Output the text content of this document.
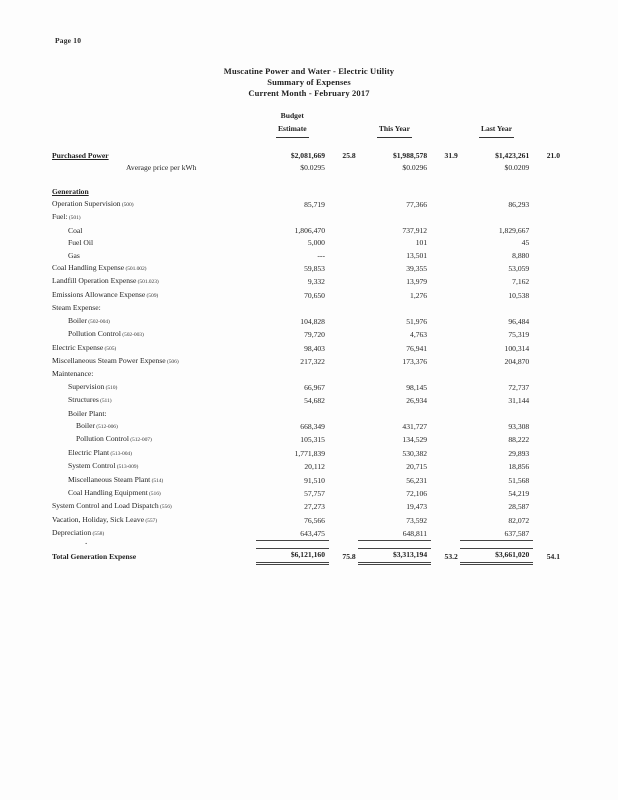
Page 10
Muscatine Power and Water - Electric Utility
Summary of Expenses
Current Month - February 2017
	Budget					
	Estimate		This Year		Last Year	

Purchased Power	$2,081,669	25.8	$1,988,578	31.9	$1,423,261	21.0
Average price per kWh	$0.0295		$0.0296		$0.0209	

Generation						
Operation Supervision (500)	85,719		77,366		86,293	
Fuel: (501)						
Coal	1,806,470		737,912		1,829,667	
Fuel Oil	5,000		101		45	
Gas	---		13,501		8,880	
Coal Handling Expense (501.002)	59,853		39,355		53,059	
Landfill Operation Expense (501.023)	9,332		13,979		7,162	
Emissions Allowance Expense (509)	70,650		1,276		10,538	
Steam Expense:						
Boiler (502-004)	104,828		51,976		96,484	
Pollution Control (502-003)	79,720		4,763		75,319	
Electric Expense (505)	98,403		76,941		100,314	
Miscellaneous Steam Power Expense (506)	217,322		173,376		204,870	
Maintenance:						
Supervision (510)	66,967		98,145		72,737	
Structures (511)	54,682		26,934		31,144	
Boiler Plant:						
Boiler (512-006)	668,349		431,727		93,308	
Pollution Control (512-007)	105,315		134,529		88,222	
Electric Plant (513-004)	1,771,839		530,382		29,893	
System Control (513-009)	20,112		20,715		18,856	
Miscellaneous Steam Plant (514)	91,510		56,231		51,568	
Coal Handling Equipment (516)	57,757		72,106		54,219	
System Control and Load Dispatch (556)	27,273		19,473		28,587	
Vacation, Holiday, Sick Leave (557)	76,566		73,592		82,072	
Depreciation (558)	643,475		648,811		637,587	

Total Generation Expense	$6,121,160	75.8	$3,313,194	53.2	$3,661,020	54.1
.
